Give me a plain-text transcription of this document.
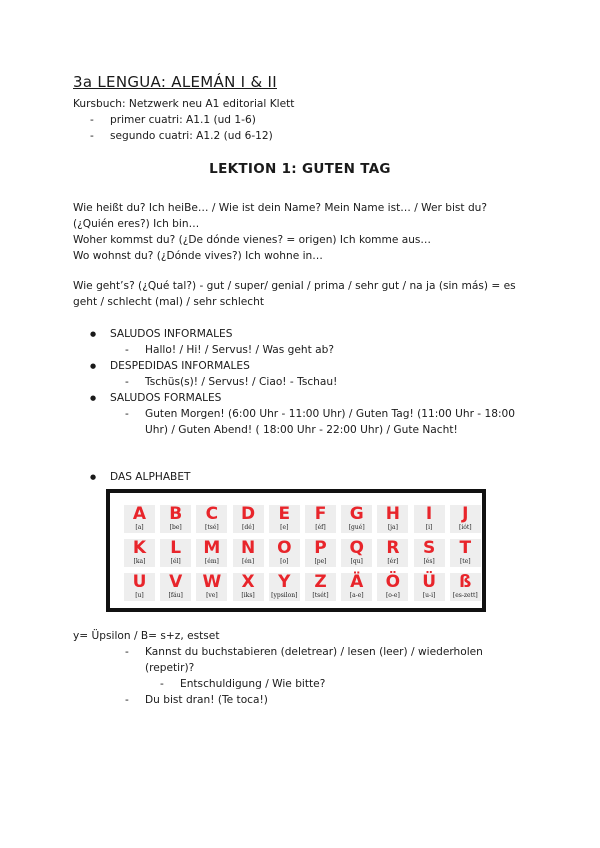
3a LENGUA: ALEMÁN I & II
Kursbuch: Netzwerk neu A1 editorial Klett
- primer cuatri: A1.1 (ud 1-6)
- segundo cuatri: A1.2 (ud 6-12)
LEKTION 1: GUTEN TAG
Wie heißt du? Ich heiBe… / Wie ist dein Name? Mein Name ist… / Wer bist du?
(¿Quién eres?) Ich bin…
Woher kommst du? (¿De dónde vienes? = origen) Ich komme aus…
Wo wohnst du? (¿Dónde vives?) Ich wohne in…
Wie geht’s? (¿Qué tal?) - gut / super/ genial / prima / sehr gut / na ja (sin más) = es
geht / schlecht (mal) / sehr schlecht
● SALUDOS INFORMALES
- Hallo! / Hi! / Servus! / Was geht ab?
● DESPEDIDAS INFORMALES
- Tschüs(s)! / Servus! / Ciao! - Tschau!
● SALUDOS FORMALES
- Guten Morgen! (6:00 Uhr - 11:00 Uhr) / Guten Tag! (11:00 Uhr - 18:00
Uhr) / Guten Abend! ( 18:00 Uhr - 22:00 Uhr) / Gute Nacht!
● DAS ALPHABET
A
[a]
B
[be]
C
[tsé]
D
[dé]
E
[e]
F
[éf]
G
[gué]
H
[ja]
I
[i]
J
[iót]
K
[ka]
L
[él]
M
[ém]
N
[én]
O
[o]
P
[pe]
Q
[qu]
R
[ér]
S
[és]
T
[te]
U
[u]
V
[fáu]
W
[ve]
X
[iks]
Y
[ypsilon]
Z
[tsét]
Ä
[a-e]
Ö
[o-e]
Ü
[u-i]
ß
[es-zett]
y= Üpsilon / B= s+z, estset
- Kannst du buchstabieren (deletrear) / lesen (leer) / wiederholen
(repetir)?
- Entschuldigung / Wie bitte?
- Du bist dran! (Te toca!)
